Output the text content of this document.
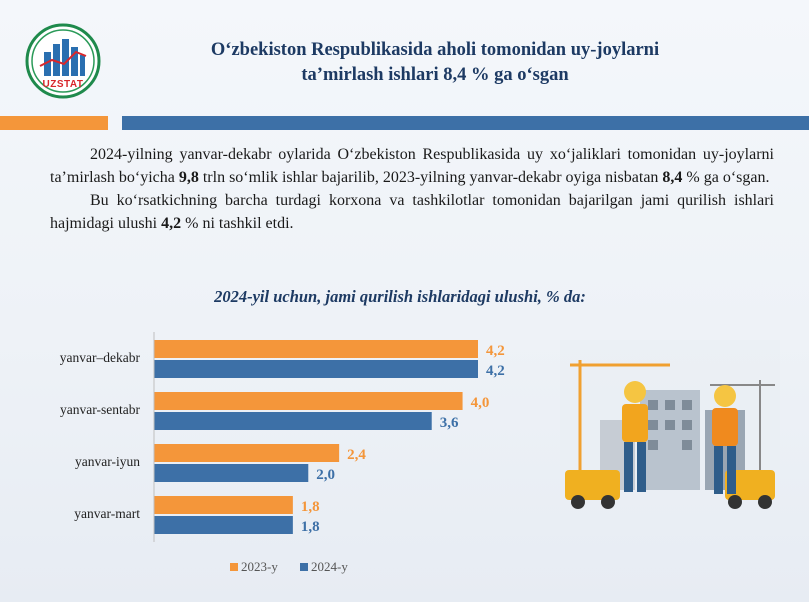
UZSTAT
O‘zbekiston Respublikasida aholi tomonidan uy-joylarni
ta’mirlash ishlari 8,4 % ga o‘sgan

2024-yilning yanvar-dekabr oylarida O‘zbekiston Respublikasida uy xo‘jaliklari tomonidan uy-joylarni ta’mirlash bo‘yicha 9,8 trln so‘mlik ishlar bajarilib, 2023-yilning yanvar-dekabr oyiga nisbatan 8,4 % ga o‘sgan.

Bu ko‘rsatkichning barcha turdagi korxona va tashkilotlar tomonidan bajarilgan jami qurilish ishlari hajmidagi ulushi 4,2 % ni tashkil etdi.

2024-yil uchun, jami qurilish ishlaridagi ulushi, % da:
yanvar–dekabr	4,2
4,2
yanvar-sentabr	4,0
3,6
yanvar-iyun	2,4
2,0
yanvar-mart	1,8
1,8
2023-y	2024-y
